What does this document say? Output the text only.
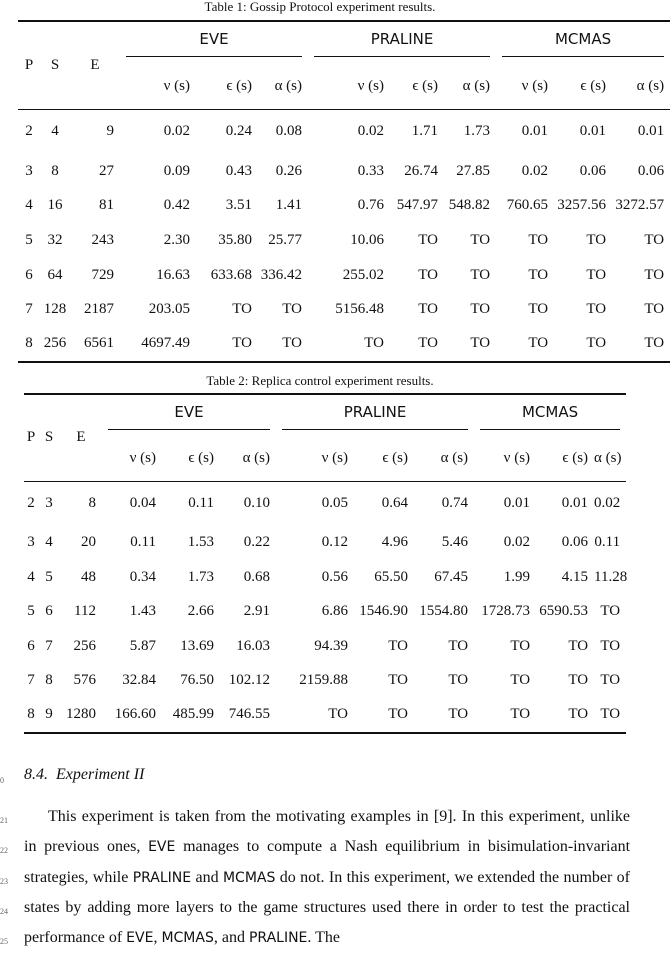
Table 1: Gossip Protocol experiment results.
P	S	E	EVE			PRALINE			MCMAS		

			ν (s)	ϵ (s)	α (s)	ν (s)	ϵ (s)	α (s)	ν (s)	ϵ (s)	α (s)
2	4	9	0.02	0.24	0.08	0.02	1.71	1.73	0.01	0.01	0.01
3	8	27	0.09	0.43	0.26	0.33	26.74	27.85	0.02	0.06	0.06
4	16	81	0.42	3.51	1.41	0.76	547.97	548.82	760.65	3257.56	3272.57
5	32	243	2.30	35.80	25.77	10.06	TO	TO	TO	TO	TO
6	64	729	16.63	633.68	336.42	255.02	TO	TO	TO	TO	TO
7	128	2187	203.05	TO	TO	5156.48	TO	TO	TO	TO	TO
8	256	6561	4697.49	TO	TO	TO	TO	TO	TO	TO	TO
Table 2: Replica control experiment results.
P	S	E	EVE			PRALINE			MCMAS		

			ν (s)	ϵ (s)	α (s)	ν (s)	ϵ (s)	α (s)	ν (s)	ϵ (s)	α (s)
2	3	8	0.04	0.11	0.10	0.05	0.64	0.74	0.01	0.01	0.02
3	4	20	0.11	1.53	0.22	0.12	4.96	5.46	0.02	0.06	0.11
4	5	48	0.34	1.73	0.68	0.56	65.50	67.45	1.99	4.15	11.28
5	6	112	1.43	2.66	2.91	6.86	1546.90	1554.80	1728.73	6590.53	TO
6	7	256	5.87	13.69	16.03	94.39	TO	TO	TO	TO	TO
7	8	576	32.84	76.50	102.12	2159.88	TO	TO	TO	TO	TO
8	9	1280	166.60	485.99	746.55	TO	TO	TO	TO	TO	TO
0
21
22
23
24
25
8.4. Experiment II
This experiment is taken from the motivating examples in [9]. In this experiment, unlike in previous ones, EVE manages to compute a Nash equilibrium in bisimulation-invariant strategies, while PRALINE and MCMAS do not. In this experiment, we extended the number of states by adding more layers to the game structures used there in order to test the practical performance of EVE, MCMAS, and PRALINE. The
